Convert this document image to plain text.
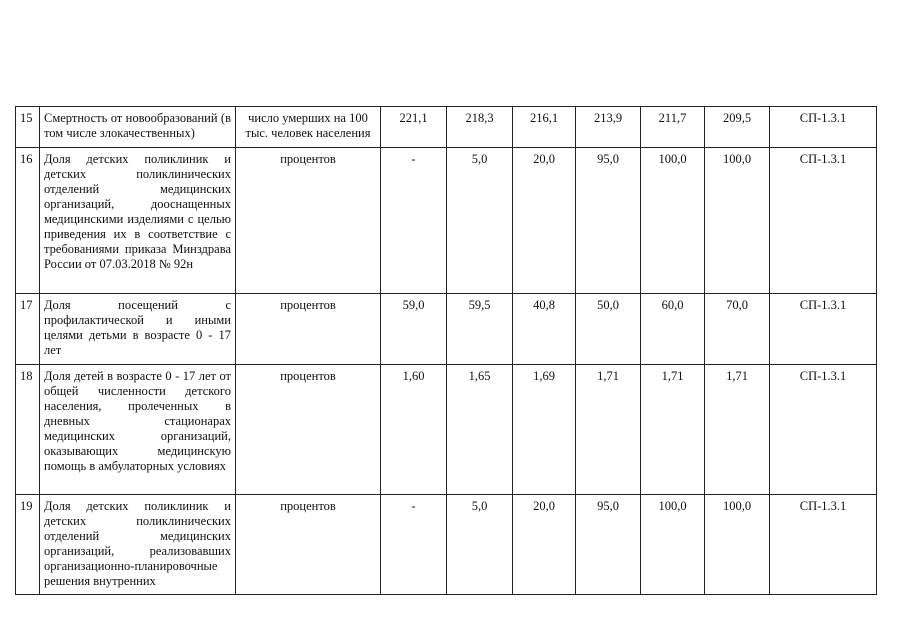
15	Смертность от новообразований (в том числе злокачественных)	число умерших на 100 тыс. человек населения	221,1	218,3	216,1	213,9	211,7	209,5	СП-1.3.1
16	Доля детских поликлиник и детских поликлинических отделений медицинских организаций, дооснащенных медицинскими изделиями с целью приведения их в соответствие с требованиями приказа Минздрава России от 07.03.2018 № 92н	процентов	-	5,0	20,0	95,0	100,0	100,0	СП-1.3.1
17	Доля посещений с профилактической и иными целями детьми в возрасте 0 - 17 лет	процентов	59,0	59,5	40,8	50,0	60,0	70,0	СП-1.3.1
18	Доля детей в возрасте 0 - 17 лет от общей численности детского населения, пролеченных в дневных стационарах медицинских организаций, оказывающих медицинскую помощь в амбулаторных условиях	процентов	1,60	1,65	1,69	1,71	1,71	1,71	СП-1.3.1
19	Доля детских поликлиник и детских поликлинических отделений медицинских организаций, реализовавших организационно-планировочные решения внутренних	процентов	-	5,0	20,0	95,0	100,0	100,0	СП-1.3.1
